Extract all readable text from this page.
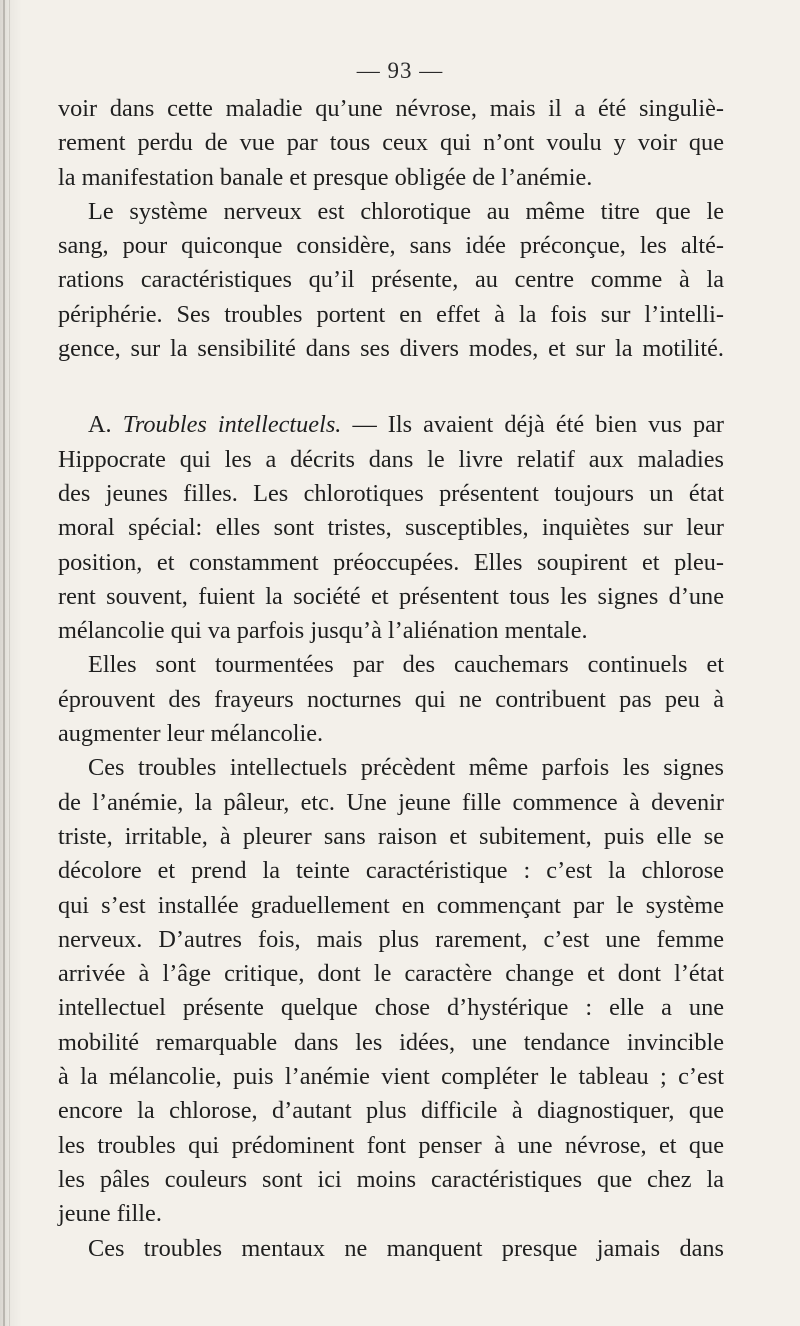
— 93 —
voir dans cette maladie qu’une névrose, mais il a été singuliè-
rement perdu de vue par tous ceux qui n’ont voulu y voir que
la manifestation banale et presque obligée de l’anémie.
Le système nerveux est chlorotique au même titre que le
sang, pour quiconque considère, sans idée préconçue, les alté-
rations caractéristiques qu’il présente, au centre comme à la
périphérie. Ses troubles portent en effet à la fois sur l’intelli-
gence, sur la sensibilité dans ses divers modes, et sur la motilité.
A. Troubles intellectuels. — Ils avaient déjà été bien vus par
Hippocrate qui les a décrits dans le livre relatif aux maladies
des jeunes filles. Les chlorotiques présentent toujours un état
moral spécial: elles sont tristes, susceptibles, inquiètes sur leur
position, et constamment préoccupées. Elles soupirent et pleu-
rent souvent, fuient la société et présentent tous les signes d’une
mélancolie qui va parfois jusqu’à l’aliénation mentale.
Elles sont tourmentées par des cauchemars continuels et
éprouvent des frayeurs nocturnes qui ne contribuent pas peu à
augmenter leur mélancolie.
Ces troubles intellectuels précèdent même parfois les signes
de l’anémie, la pâleur, etc. Une jeune fille commence à devenir
triste, irritable, à pleurer sans raison et subitement, puis elle se
décolore et prend la teinte caractéristique : c’est la chlorose
qui s’est installée graduellement en commençant par le système
nerveux. D’autres fois, mais plus rarement, c’est une femme
arrivée à l’âge critique, dont le caractère change et dont l’état
intellectuel présente quelque chose d’hystérique : elle a une
mobilité remarquable dans les idées, une tendance invincible
à la mélancolie, puis l’anémie vient compléter le tableau ; c’est
encore la chlorose, d’autant plus difficile à diagnostiquer, que
les troubles qui prédominent font penser à une névrose, et que
les pâles couleurs sont ici moins caractéristiques que chez la
jeune fille.
Ces troubles mentaux ne manquent presque jamais dans
